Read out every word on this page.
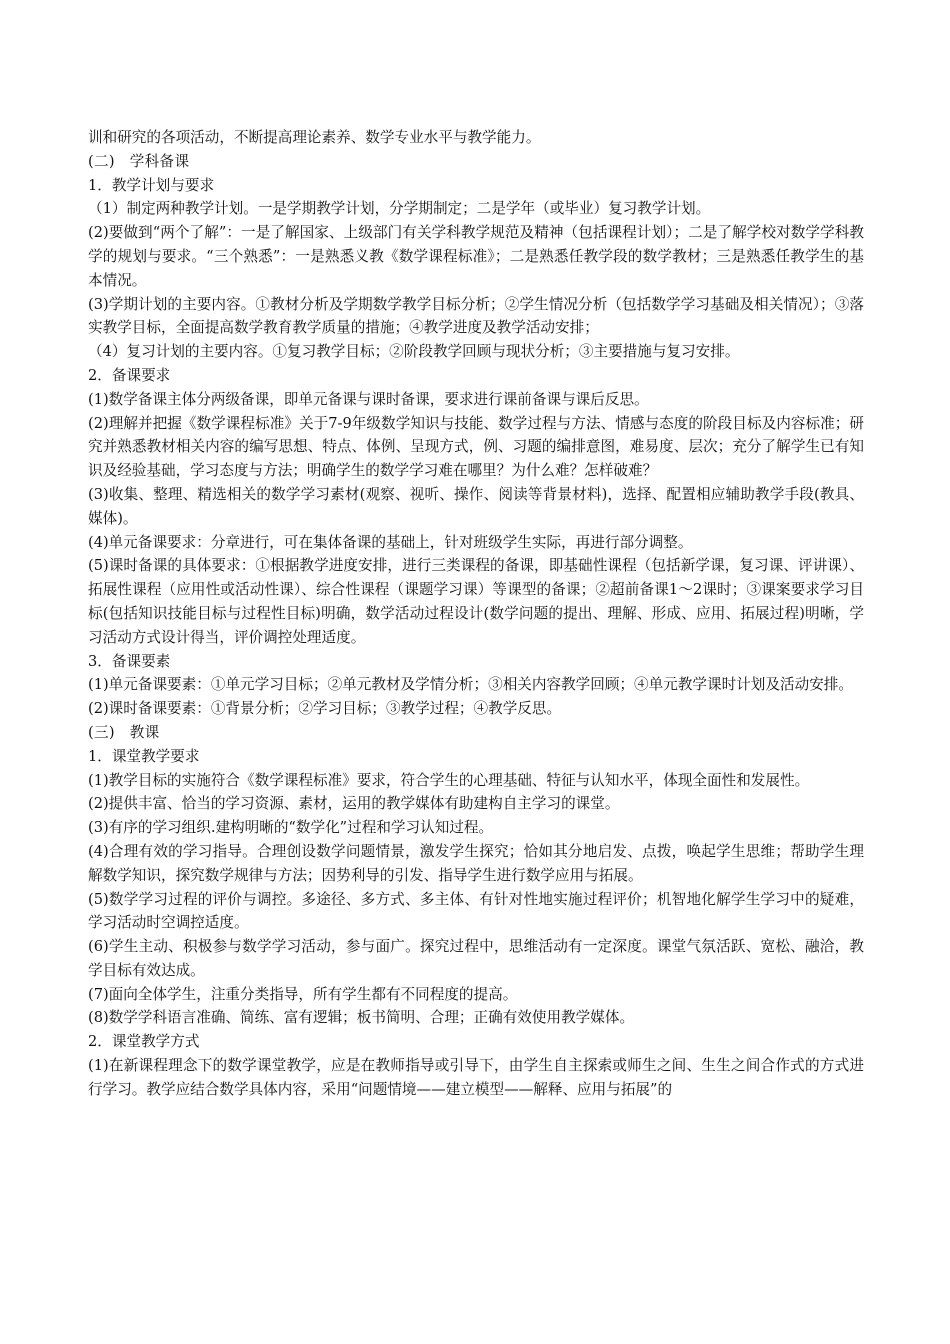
训和研究的各项活动，不断提高理论素养、数学专业水平与教学能力。

(二)　学科备课

1．教学计划与要求

（1）制定两种教学计划。一是学期教学计划，分学期制定；二是学年（或毕业）复习教学计划。

(2)要做到“两个了解”：一是了解国家、上级部门有关学科教学规范及精神（包括课程计划）；二是了解学校对数学学科教学的规划与要求。“三个熟悉”：一是熟悉义教《数学课程标准》；二是熟悉任教学段的数学教材；三是熟悉任教学生的基本情况。

(3)学期计划的主要内容。①教材分析及学期数学教学目标分析；②学生情况分析（包括数学学习基础及相关情况）；③落实教学目标，全面提高数学教育教学质量的措施；④教学进度及教学活动安排；

（4）复习计划的主要内容。①复习教学目标；②阶段教学回顾与现状分析；③主要措施与复习安排。

2．备课要求

(1)数学备课主体分两级备课，即单元备课与课时备课，要求进行课前备课与课后反思。

(2)理解并把握《数学课程标准》关于7-9年级数学知识与技能、数学过程与方法、情感与态度的阶段目标及内容标准；研究并熟悉教材相关内容的编写思想、特点、体例、呈现方式，例、习题的编排意图，难易度、层次；充分了解学生已有知识及经验基础，学习态度与方法；明确学生的数学学习难在哪里？为什么难？怎样破难？

(3)收集、整理、精选相关的数学学习素材(观察、视听、操作、阅读等背景材料)，选择、配置相应辅助教学手段(教具、媒体)。

(4)单元备课要求：分章进行，可在集体备课的基础上，针对班级学生实际，再进行部分调整。

(5)课时备课的具体要求：①根据教学进度安排，进行三类课程的备课，即基础性课程（包括新学课，复习课、评讲课）、拓展性课程（应用性或活动性课）、综合性课程（课题学习课）等课型的备课；②超前备课1～2课时；③课案要求学习目标(包括知识技能目标与过程性目标)明确，数学活动过程设计(数学问题的提出、理解、形成、应用、拓展过程)明晰，学习活动方式设计得当，评价调控处理适度。

3．备课要素

(1)单元备课要素：①单元学习目标；②单元教材及学情分析；③相关内容教学回顾；④单元教学课时计划及活动安排。

(2)课时备课要素：①背景分析；②学习目标；③教学过程；④教学反思。

(三)　教课

1．课堂教学要求

(1)教学目标的实施符合《数学课程标准》要求，符合学生的心理基础、特征与认知水平，体现全面性和发展性。

(2)提供丰富、恰当的学习资源、素材，运用的教学媒体有助建构自主学习的课堂。

(3)有序的学习组织.建构明晰的“数学化”过程和学习认知过程。

(4)合理有效的学习指导。合理创设数学问题情景，激发学生探究；恰如其分地启发、点拨，唤起学生思维；帮助学生理解数学知识，探究数学规律与方法；因势利导的引发、指导学生进行数学应用与拓展。

(5)数学学习过程的评价与调控。多途径、多方式、多主体、有针对性地实施过程评价；机智地化解学生学习中的疑难，学习活动时空调控适度。

(6)学生主动、积极参与数学学习活动，参与面广。探究过程中，思维活动有一定深度。课堂气氛活跃、宽松、融洽，教学目标有效达成。

(7)面向全体学生，注重分类指导，所有学生都有不同程度的提高。

(8)数学学科语言准确、简练、富有逻辑；板书简明、合理；正确有效使用教学媒体。

2．课堂教学方式

(1)在新课程理念下的数学课堂教学，应是在教师指导或引导下，由学生自主探索或师生之间、生生之间合作式的方式进行学习。教学应结合数学具体内容，采用“问题情境——建立模型——解释、应用与拓展”的
